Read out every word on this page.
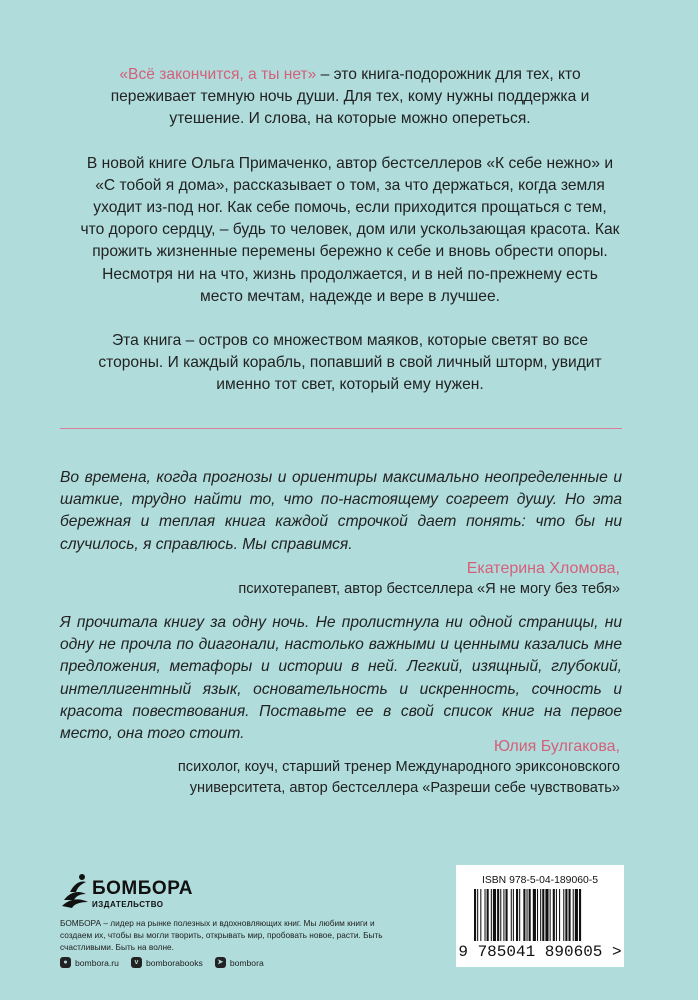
«Всё закончится, а ты нет» – это книга-подорожник для тех, кто переживает темную ночь души. Для тех, кому нужны поддержка и утешение. И слова, на которые можно опереться.

В новой книге Ольга Примаченко, автор бестселлеров «К себе нежно» и «С тобой я дома», рассказывает о том, за что держаться, когда земля уходит из-под ног. Как себе помочь, если приходится прощаться с тем, что дорого сердцу, – будь то человек, дом или ускользающая красота. Как прожить жизненные перемены бережно к себе и вновь обрести опоры. Несмотря ни на что, жизнь продолжается, и в ней по-прежнему есть место мечтам, надежде и вере в лучшее.

Эта книга – остров со множеством маяков, которые светят во все стороны. И каждый корабль, попавший в свой личный шторм, увидит именно тот свет, который ему нужен.

Во времена, когда прогнозы и ориентиры максимально неопределенные и шаткие, трудно найти то, что по-настоящему согреет душу. Но эта бережная и теплая книга каждой строчкой дает понять: что бы ни случилось, я справлюсь. Мы справимся.

Екатерина Хломова,
психотерапевт, автор бестселлера «Я не могу без тебя»

Я прочитала книгу за одну ночь. Не пролистнула ни одной страницы, ни одну не прочла по диагонали, настолько важными и ценными казались мне предложения, метафоры и истории в ней. Легкий, изящный, глубокий, интеллигентный язык, основательность и искренность, сочность и красота повествования. Поставьте ее в свой список книг на первое место, она того стоит.

Юлия Булгакова,
психолог, коуч, старший тренер Международного эриксоновского
университета, автор бестселлера «Разреши себе чувствовать»
БОМБОРА
ИЗДАТЕЛЬСТВО
БОМБОРА – лидер на рынке полезных и вдохновляющих книг. Мы любим книги и создаем их, чтобы вы могли творить, открывать мир, пробовать новое, расти. Быть счастливыми. Быть на волне.
● bombora.ru	v bomborabooks	➤ bombora
ISBN 978-5-04-189060-5
9 785041 890605 >
